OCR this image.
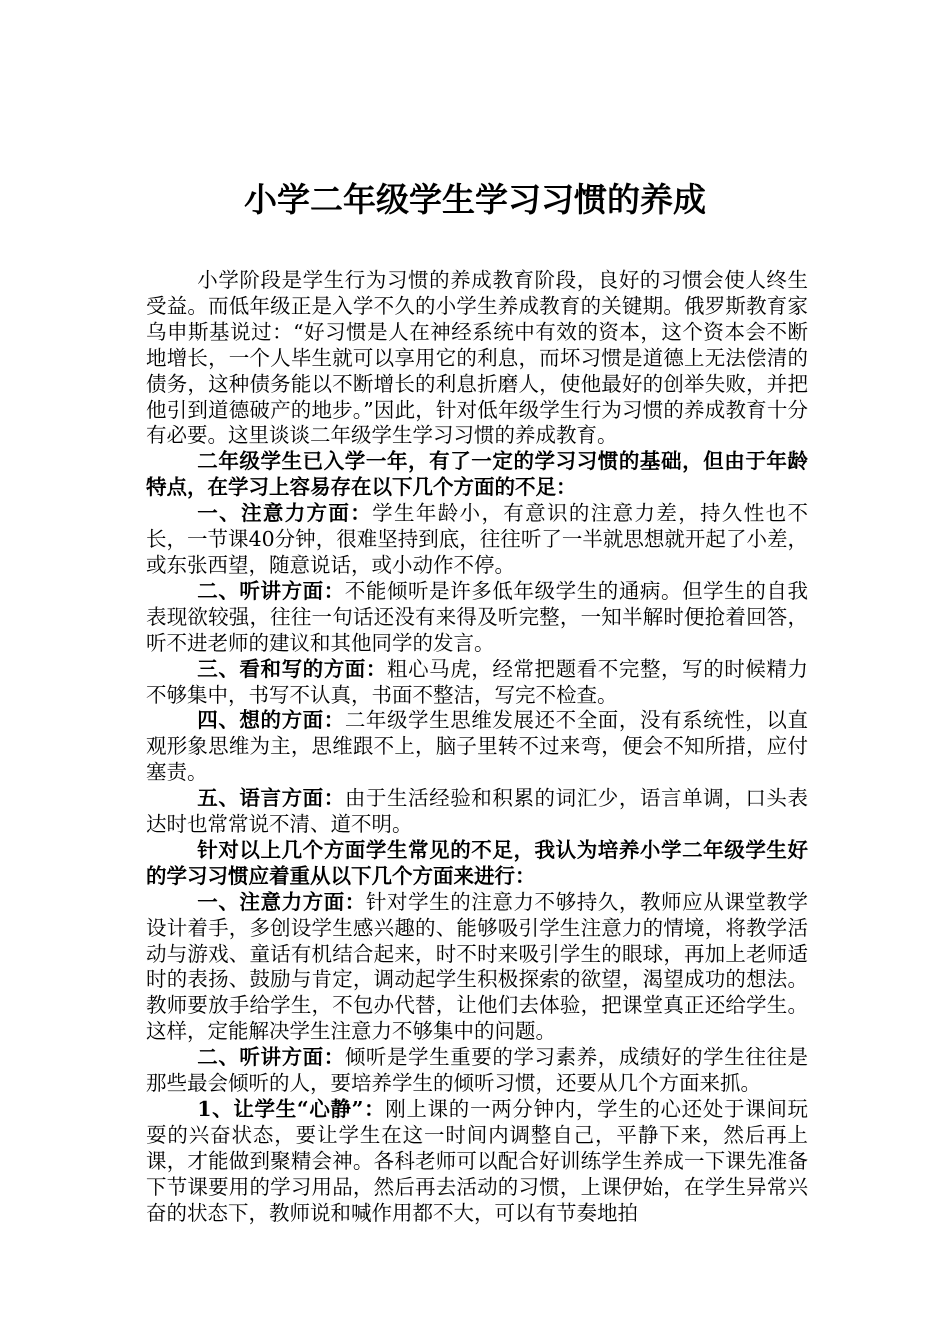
小学二年级学生学习习惯的养成

小学阶段是学生行为习惯的养成教育阶段，良好的习惯会使人终生受益。而低年级正是入学不久的小学生养成教育的关键期。俄罗斯教育家乌申斯基说过：“好习惯是人在神经系统中有效的资本，这个资本会不断地增长，一个人毕生就可以享用它的利息，而坏习惯是道德上无法偿清的债务，这种债务能以不断增长的利息折磨人，使他最好的创举失败，并把他引到道德破产的地步。”因此，针对低年级学生行为习惯的养成教育十分有必要。这里谈谈二年级学生学习习惯的养成教育。

二年级学生已入学一年，有了一定的学习习惯的基础，但由于年龄特点，在学习上容易存在以下几个方面的不足：

一、注意力方面：学生年龄小，有意识的注意力差，持久性也不长，一节课40分钟，很难坚持到底，往往听了一半就思想就开起了小差，或东张西望，随意说话，或小动作不停。

二、听讲方面：不能倾听是许多低年级学生的通病。但学生的自我表现欲较强，往往一句话还没有来得及听完整，一知半解时便抢着回答，听不进老师的建议和其他同学的发言。

三、看和写的方面：粗心马虎，经常把题看不完整，写的时候精力不够集中，书写不认真，书面不整洁，写完不检查。

四、想的方面：二年级学生思维发展还不全面，没有系统性，以直观形象思维为主，思维跟不上，脑子里转不过来弯，便会不知所措，应付塞责。

五、语言方面：由于生活经验和积累的词汇少，语言单调，口头表达时也常常说不清、道不明。

针对以上几个方面学生常见的不足，我认为培养小学二年级学生好的学习习惯应着重从以下几个方面来进行：

一、注意力方面：针对学生的注意力不够持久，教师应从课堂教学设计着手，多创设学生感兴趣的、能够吸引学生注意力的情境，将教学活动与游戏、童话有机结合起来，时不时来吸引学生的眼球，再加上老师适时的表扬、鼓励与肯定，调动起学生积极探索的欲望，渴望成功的想法。教师要放手给学生，不包办代替，让他们去体验，把课堂真正还给学生。这样，定能解决学生注意力不够集中的问题。

二、听讲方面：倾听是学生重要的学习素养，成绩好的学生往往是那些最会倾听的人，要培养学生的倾听习惯，还要从几个方面来抓。

1、让学生“心静”：刚上课的一两分钟内，学生的心还处于课间玩耍的兴奋状态，要让学生在这一时间内调整自己，平静下来，然后再上课，才能做到聚精会神。各科老师可以配合好训练学生养成一下课先准备下节课要用的学习用品，然后再去活动的习惯，上课伊始，在学生异常兴奋的状态下，教师说和喊作用都不大，可以有节奏地拍
